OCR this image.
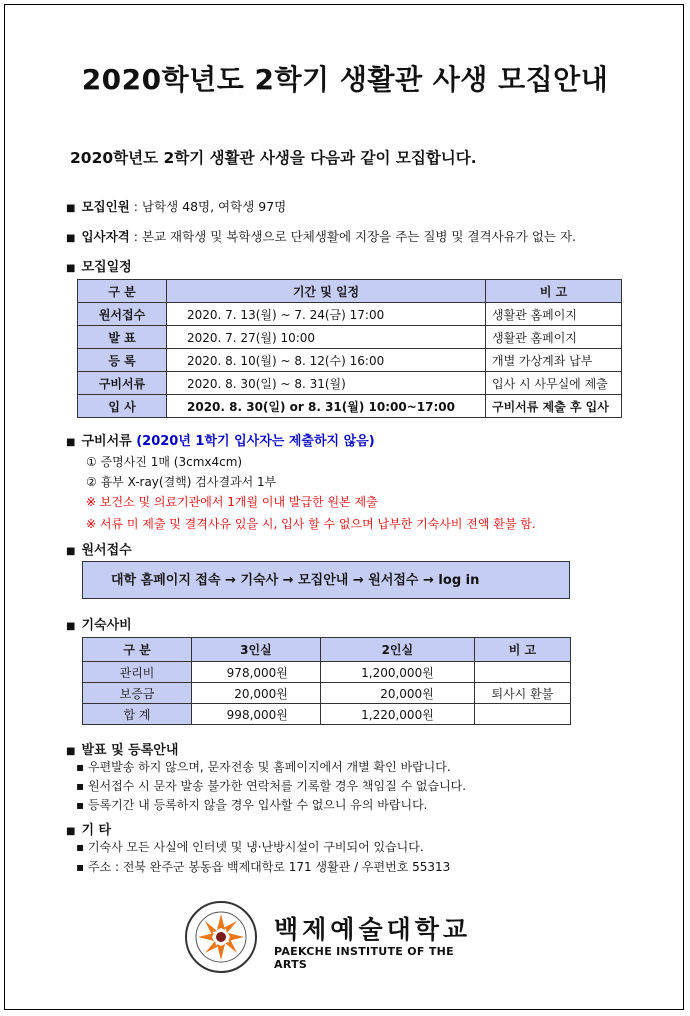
2020학년도 2학기 생활관 사생 모집안내
2020학년도 2학기 생활관 사생을 다음과 같이 모집합니다.
■ 모집인원 : 남학생 48명, 여학생 97명
■ 입사자격 : 본교 재학생 및 복학생으로 단체생활에 지장을 주는 질병 및 결격사유가 없는 자.
■ 모집일정
구 분	기간 및 일정	비 고
원서접수	2020. 7. 13(월) ~ 7. 24(금) 17:00	생활관 홈페이지
발 표	2020. 7. 27(월) 10:00	생활관 홈페이지
등 록	2020. 8. 10(월) ~ 8. 12(수) 16:00	개별 가상계좌 납부
구비서류	2020. 8. 30(일) ~ 8. 31(월)	입사 시 사무실에 제출
입 사	2020. 8. 30(일) or 8. 31(월) 10:00~17:00	구비서류 제출 후 입사
■ 구비서류 (2020년 1학기 입사자는 제출하지 않음)
① 증명사진 1매 (3cmx4cm)
② 흉부 X-ray(결핵) 검사결과서 1부
※ 보건소 및 의료기관에서 1개월 이내 발급한 원본 제출
※ 서류 미 제출 및 결격사유 있을 시, 입사 할 수 없으며 납부한 기숙사비 전액 환불 함.
■ 원서접수
대학 홈페이지 접속 → 기숙사 → 모집안내 → 원서접수 → log in
■ 기숙사비
구 분	3인실	2인실	비 고
관리비	978,000원	1,200,000원	
보증금	20,000원	20,000원	퇴사시 환불
합 계	998,000원	1,220,000원	
■ 발표 및 등록안내
▪ 우편발송 하지 않으며, 문자전송 및 홈페이지에서 개별 확인 바랍니다.
▪ 원서접수 시 문자 발송 불가한 연락처를 기록할 경우 책임질 수 없습니다.
▪ 등록기간 내 등록하지 않을 경우 입사할 수 없으니 유의 바랍니다.
■ 기 타
▪ 기숙사 모든 사실에 인터넷 및 냉·난방시설이 구비되어 있습니다.
▪ 주소 : 전북 완주군 봉동읍 백제대학로 171 생활관 / 우편번호 55313
백제예술대학교
PAEKCHE INSTITUTE OF THE ARTS
